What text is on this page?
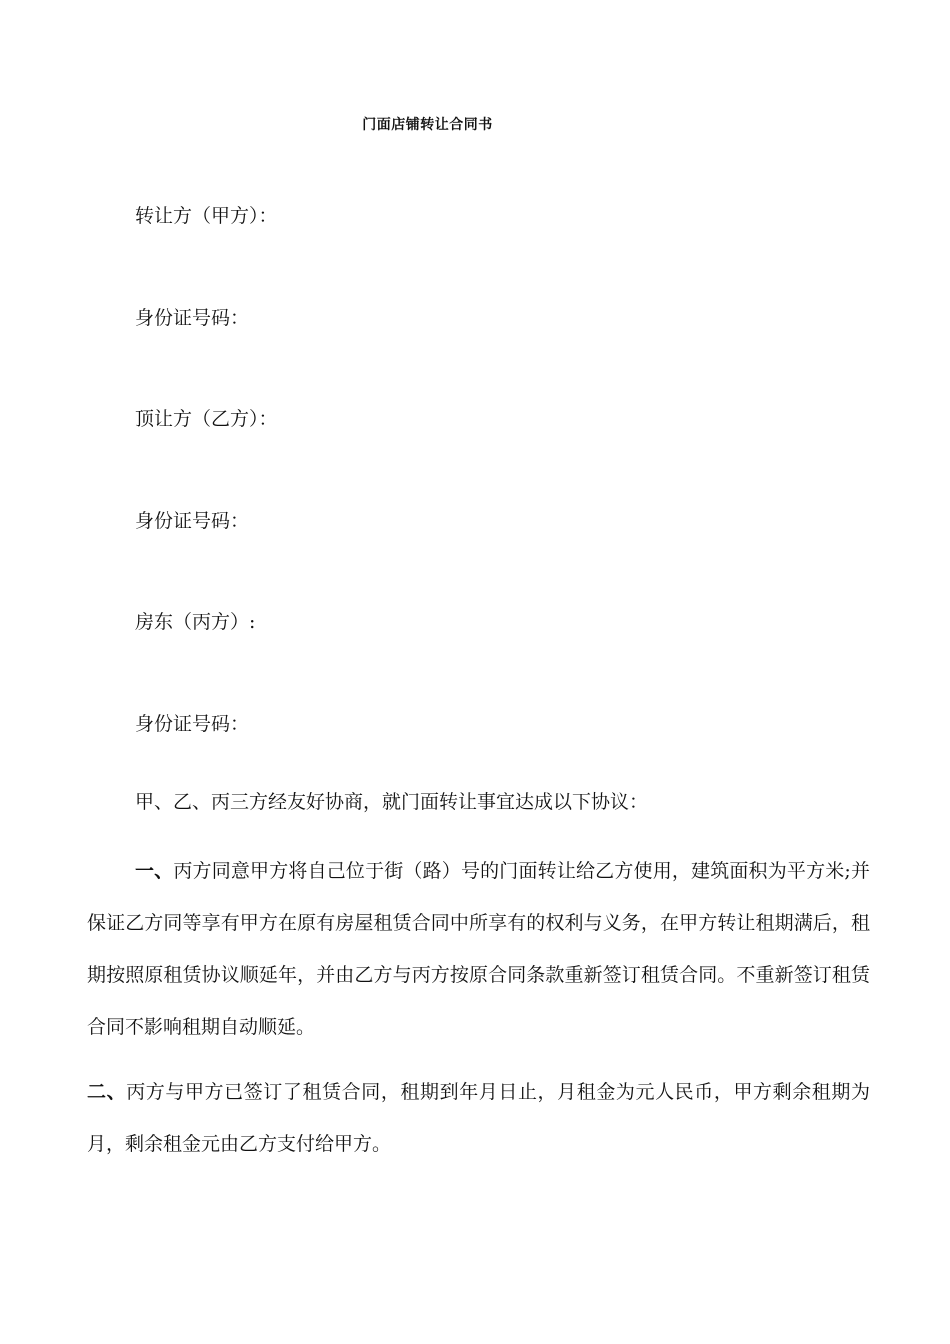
门面店铺转让合同书
转让方（甲方）：
身份证号码：
顶让方（乙方）：
身份证号码：
房东（丙方）:
身份证号码：
甲、乙、丙三方经友好协商，就门面转让事宜达成以下协议：
一、丙方同意甲方将自己位于街（路）号的门面转让给乙方使用，建筑面积为平方米;并保证乙方同等享有甲方在原有房屋租赁合同中所享有的权利与义务，在甲方转让租期满后，租期按照原租赁协议顺延年，并由乙方与丙方按原合同条款重新签订租赁合同。不重新签订租赁合同不影响租期自动顺延。
二、丙方与甲方已签订了租赁合同，租期到年月日止，月租金为元人民币，甲方剩余租期为月，剩余租金元由乙方支付给甲方。
